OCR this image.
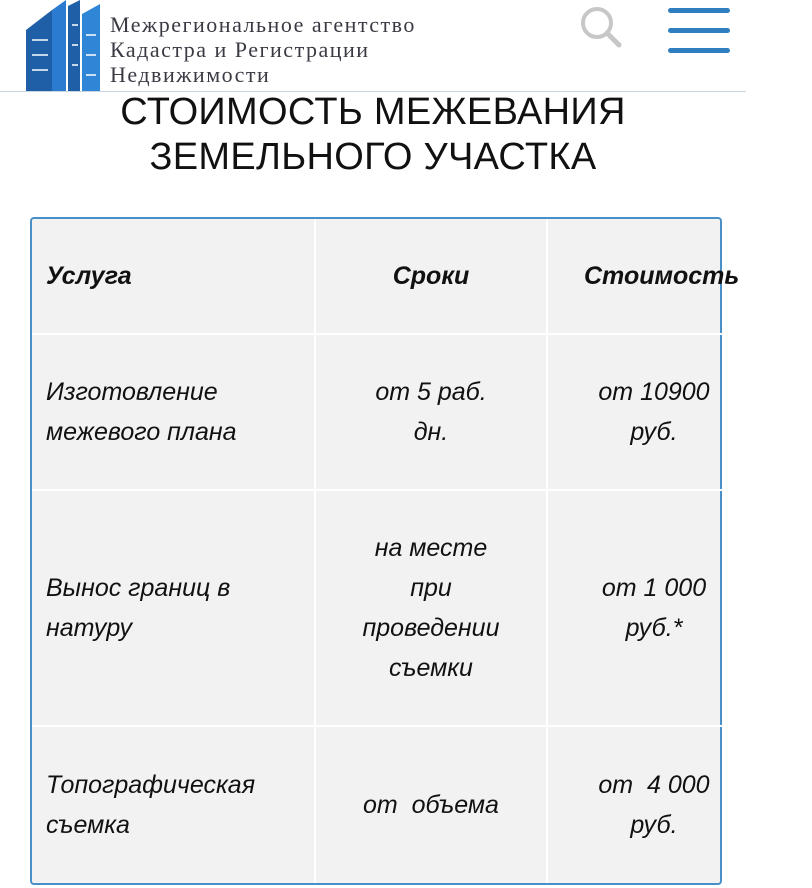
Межрегиональное агентство
Кадастра и Регистрации
Недвижимости
СТОИМОСТЬ МЕЖЕВАНИЯ
ЗЕМЕЛЬНОГО УЧАСТКА
Услуга	Сроки	Стоимость
Изготовление
межевого плана
от 5 раб.
дн.
от 10900
руб.
Вынос границ в
натуру
на месте
при
проведении
съемки
от 1 000
руб.*
Топографическая
съемка
от  объема
от  4 000
руб.
